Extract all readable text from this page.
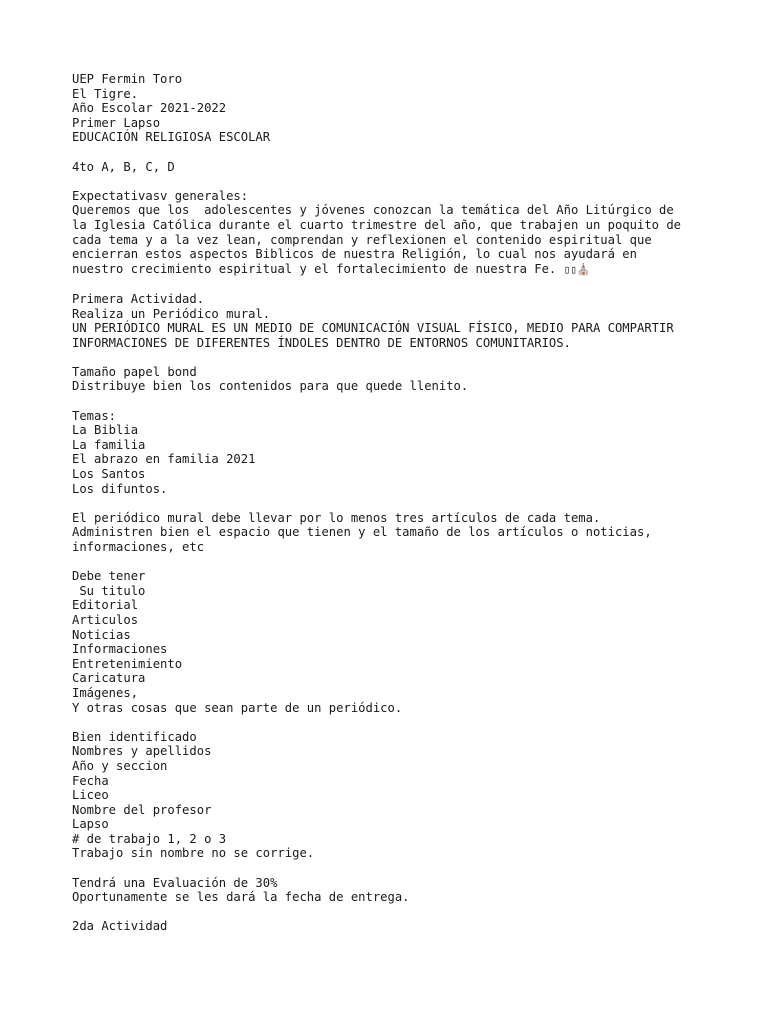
UEP Fermin Toro
El Tigre.
Año Escolar 2021-2022
Primer Lapso
EDUCACIÓN RELIGIOSA ESCOLAR
4to A, B, C, D
Expectativasv generales:
Queremos que los  adolescentes y jóvenes conozcan la temática del Año Litúrgico de
la Iglesia Católica durante el cuarto trimestre del año, que trabajen un poquito de
cada tema y a la vez lean, comprendan y reflexionen el contenido espiritual que
encierran estos aspectos Biblicos de nuestra Religión, lo cual nos ayudará en
nuestro crecimiento espiritual y el fortalecimiento de nuestra Fe. ▯▯⛪
Primera Actividad.
Realiza un Periódico mural.
UN PERIÓDICO MURAL ES UN MEDIO DE COMUNICACIÓN VISUAL FÍSICO, MEDIO PARA COMPARTIR
INFORMACIONES DE DIFERENTES ÍNDOLES DENTRO DE ENTORNOS COMUNITARIOS.
Tamaño papel bond
Distribuye bien los contenidos para que quede llenito.
Temas:
La Biblia
La familia
El abrazo en familia 2021
Los Santos
Los difuntos.
El periódico mural debe llevar por lo menos tres artículos de cada tema.
Administren bien el espacio que tienen y el tamaño de los artículos o noticias,
informaciones, etc
Debe tener
Su titulo
Editorial
Articulos
Noticias
Informaciones
Entretenimiento
Caricatura
Imágenes,
Y otras cosas que sean parte de un periódico.
Bien identificado
Nombres y apellidos
Año y seccion
Fecha
Liceo
Nombre del profesor
Lapso
# de trabajo 1, 2 o 3
Trabajo sin nombre no se corrige.
Tendrá una Evaluación de 30%
Oportunamente se les dará la fecha de entrega.
2da Actividad
